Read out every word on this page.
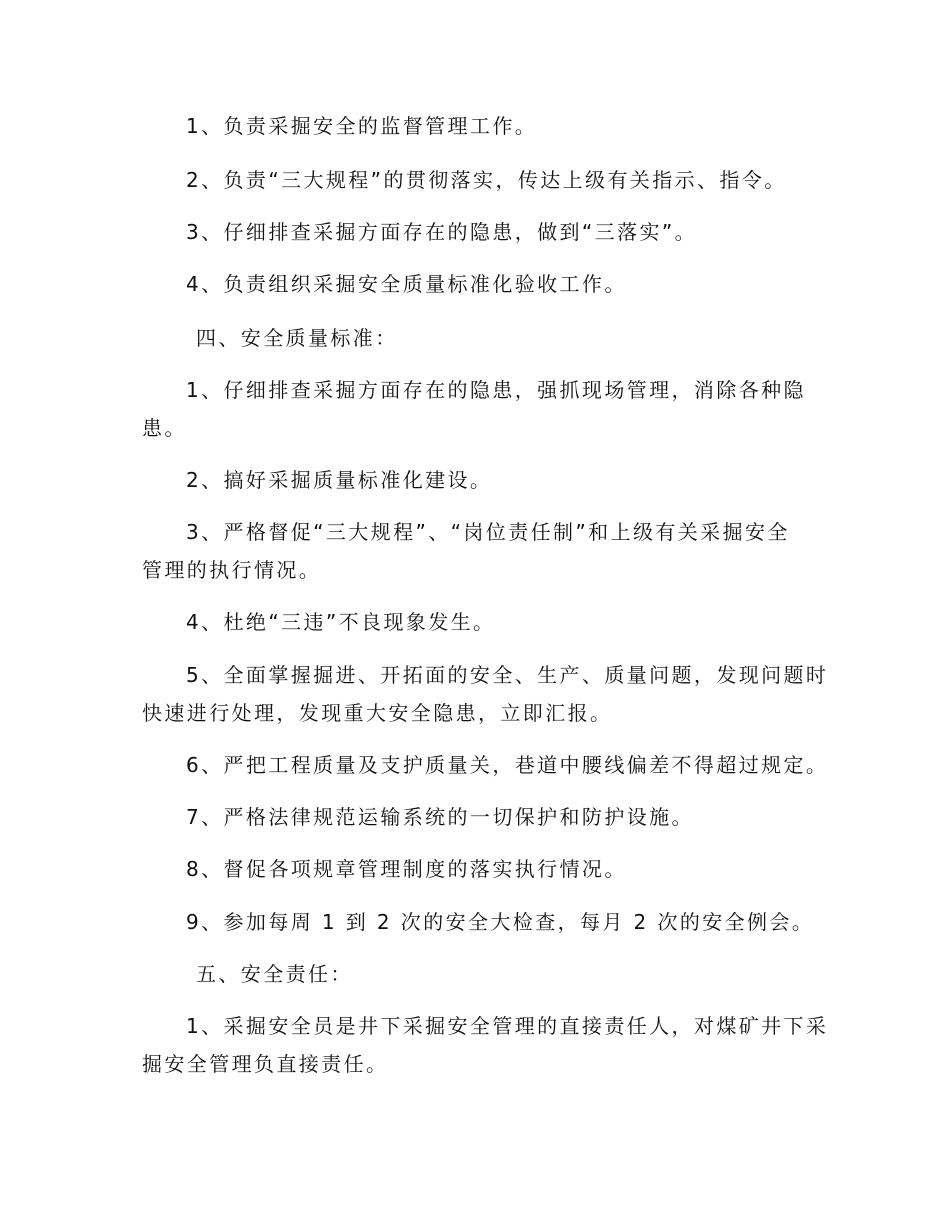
1、负责采掘安全的监督管理工作。
2、负责“三大规程”的贯彻落实，传达上级有关指示、指令。
3、仔细排查采掘方面存在的隐患，做到“三落实”。
4、负责组织采掘安全质量标准化验收工作。
四、安全质量标准：
1、仔细排查采掘方面存在的隐患，强抓现场管理，消除各种隐
患。
2、搞好采掘质量标准化建设。
3、严格督促“三大规程”、“岗位责任制”和上级有关采掘安全
管理的执行情况。
4、杜绝“三违”不良现象发生。
5、全面掌握掘进、开拓面的安全、生产、质量问题，发现问题时
快速进行处理，发现重大安全隐患，立即汇报。
6、严把工程质量及支护质量关，巷道中腰线偏差不得超过规定。
7、严格法律规范运输系统的一切保护和防护设施。
8、督促各项规章管理制度的落实执行情况。
9、参加每周 1 到 2 次的安全大检查，每月 2 次的安全例会。
五、安全责任：
1、采掘安全员是井下采掘安全管理的直接责任人，对煤矿井下采
掘安全管理负直接责任。
